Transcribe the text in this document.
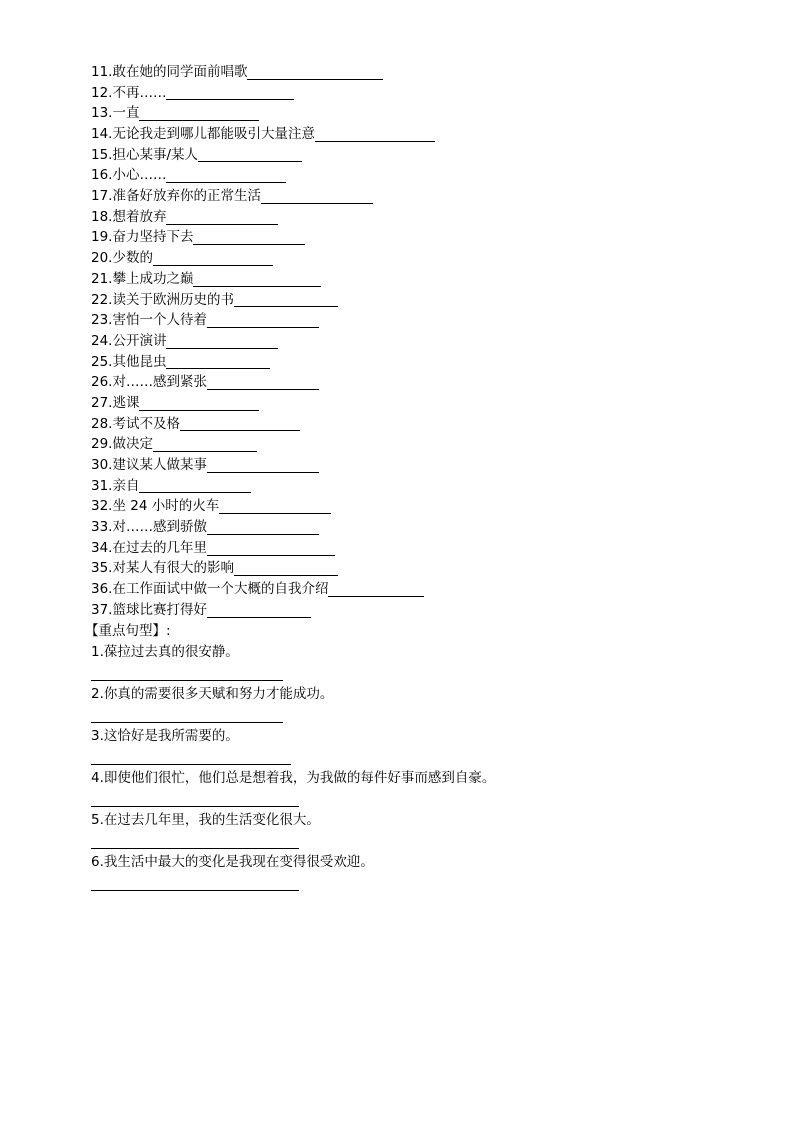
11.敢在她的同学面前唱歌
12.不再……
13.一直
14.无论我走到哪儿都能吸引大量注意
15.担心某事/某人
16.小心……
17.准备好放弃你的正常生活
18.想着放弃
19.奋力坚持下去
20.少数的
21.攀上成功之巅
22.读关于欧洲历史的书
23.害怕一个人待着
24.公开演讲
25.其他昆虫
26.对……感到紧张
27.逃课
28.考试不及格
29.做决定
30.建议某人做某事
31.亲自
32.坐 24 小时的火车
33.对……感到骄傲
34.在过去的几年里
35.对某人有很大的影响
36.在工作面试中做一个大概的自我介绍
37.篮球比赛打得好
【重点句型】:
1.葆拉过去真的很安静。
2.你真的需要很多天赋和努力才能成功。
3.这恰好是我所需要的。
4.即使他们很忙，他们总是想着我，为我做的每件好事而感到自豪。
5.在过去几年里，我的生活变化很大。
6.我生活中最大的变化是我现在变得很受欢迎。
